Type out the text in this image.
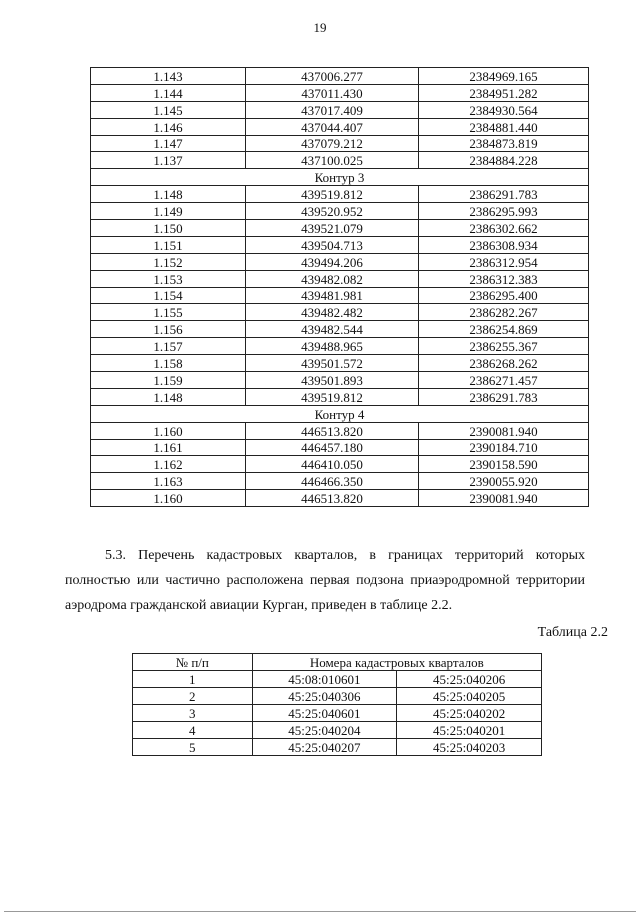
19
1.143	437006.277	2384969.165
1.144	437011.430	2384951.282
1.145	437017.409	2384930.564
1.146	437044.407	2384881.440
1.147	437079.212	2384873.819
1.137	437100.025	2384884.228
Контур 3		
1.148	439519.812	2386291.783
1.149	439520.952	2386295.993
1.150	439521.079	2386302.662
1.151	439504.713	2386308.934
1.152	439494.206	2386312.954
1.153	439482.082	2386312.383
1.154	439481.981	2386295.400
1.155	439482.482	2386282.267
1.156	439482.544	2386254.869
1.157	439488.965	2386255.367
1.158	439501.572	2386268.262
1.159	439501.893	2386271.457
1.148	439519.812	2386291.783
Контур 4		
1.160	446513.820	2390081.940
1.161	446457.180	2390184.710
1.162	446410.050	2390158.590
1.163	446466.350	2390055.920
1.160	446513.820	2390081.940
5.3. Перечень кадастровых кварталов, в границах территорий которых полностью или частично расположена первая подзона приаэродромной территории аэродрома гражданской авиации Курган, приведен в таблице 2.2.
Таблица 2.2
№ п/п	Номера кадастровых кварталов	
1	45:08:010601	45:25:040206
2	45:25:040306	45:25:040205
3	45:25:040601	45:25:040202
4	45:25:040204	45:25:040201
5	45:25:040207	45:25:040203
